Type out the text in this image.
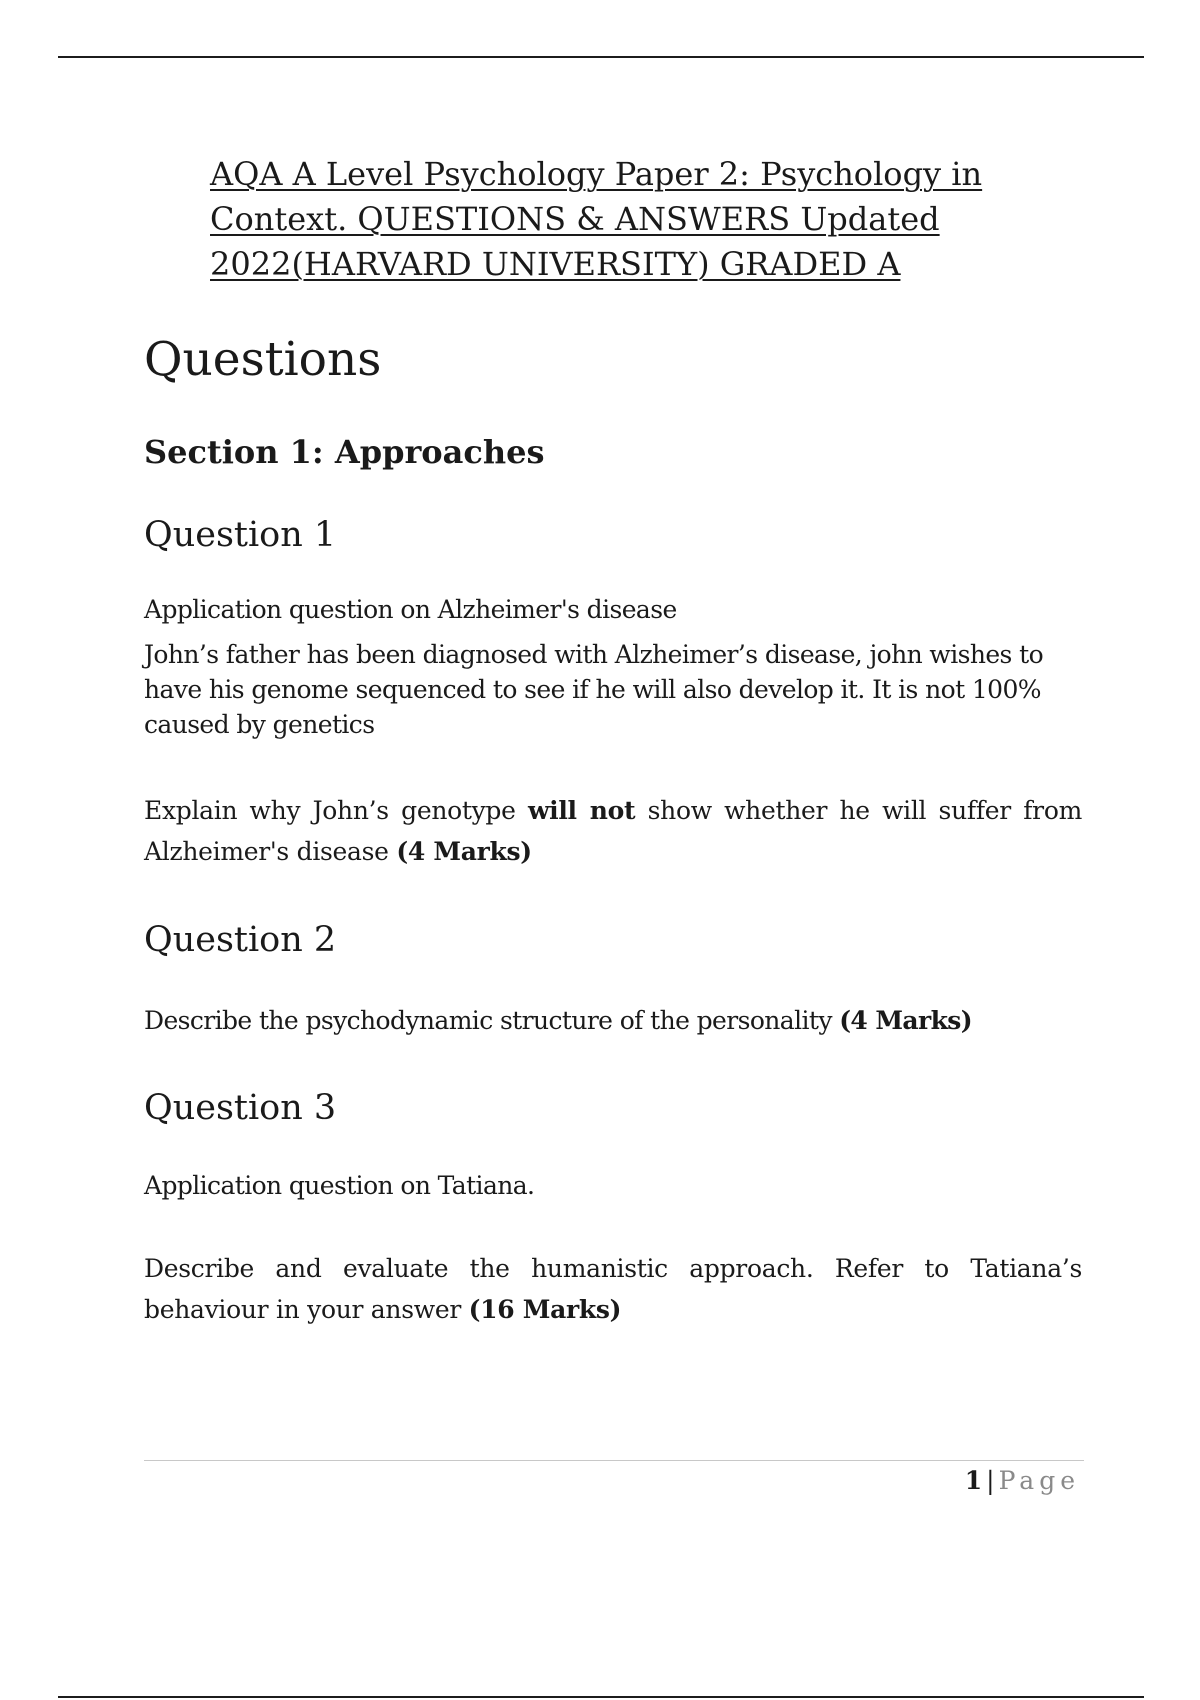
AQA A Level Psychology Paper 2: Psychology in Context. QUESTIONS & ANSWERS Updated 2022(HARVARD UNIVERSITY) GRADED A
Questions
Section 1: Approaches
Question 1

Application question on Alzheimer's disease

John’s father has been diagnosed with Alzheimer’s disease, john wishes to have his genome sequenced to see if he will also develop it. It is not 100% caused by genetics

Explain why John’s genotype will not show whether he will suffer from Alzheimer's disease (4 Marks)

Question 2

Describe the psychodynamic structure of the personality (4 Marks)

Question 3

Application question on Tatiana.

Describe and evaluate the humanistic approach. Refer to Tatiana’s behaviour in your answer (16 Marks)

1 | Page
